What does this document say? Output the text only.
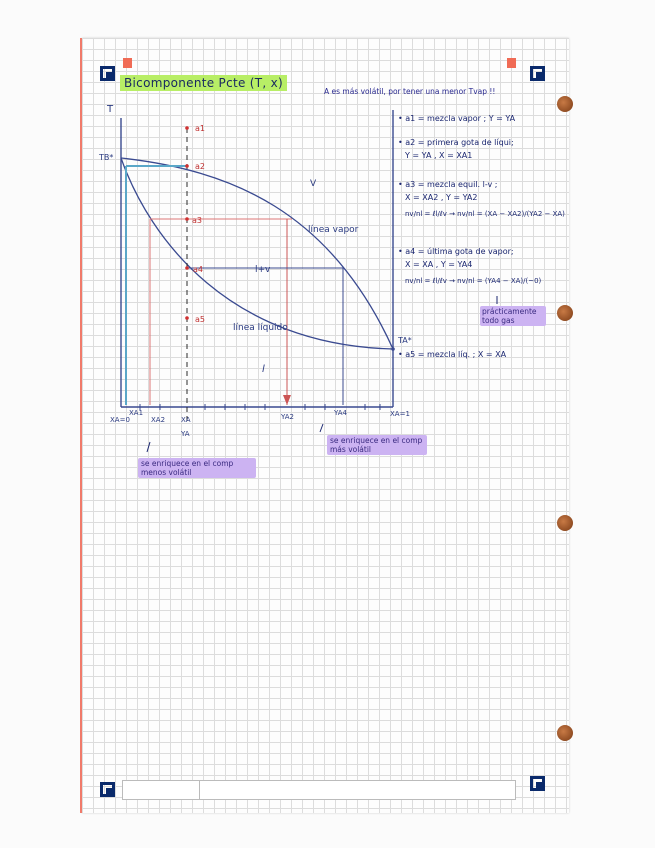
Bicomponente Pcte (T, x)
T
TB*
TA*
a1
a2
a3
a4
a5
V
l+v
l
línea vapor
línea líquido
XA=0
XA1
XA2 XA
YA
YA2	YA4	XA=1
A es más volátil, por tener una menor Tvap !!
• a1 = mezcla vapor ; Y = YA
• a2 = primera gota de líqui;
Y = YA , X = XA1
• a3 = mezcla equil. l-v ;
X = XA2 , Y = YA2
nv/nl = ℓl/ℓv → nv/nl = (XA − XA2)/(YA2 − XA)
• a4 = última gota de vapor;
X = XA , Y = YA4
nv/nl = ℓl/ℓv → nv/nl = (YA4 − XA)/(~0)
prácticamente todo gas
• a5 = mezcla líq. ; X = XA
se enriquece en el comp menos volátil
se enriquece en el comp más volátil
